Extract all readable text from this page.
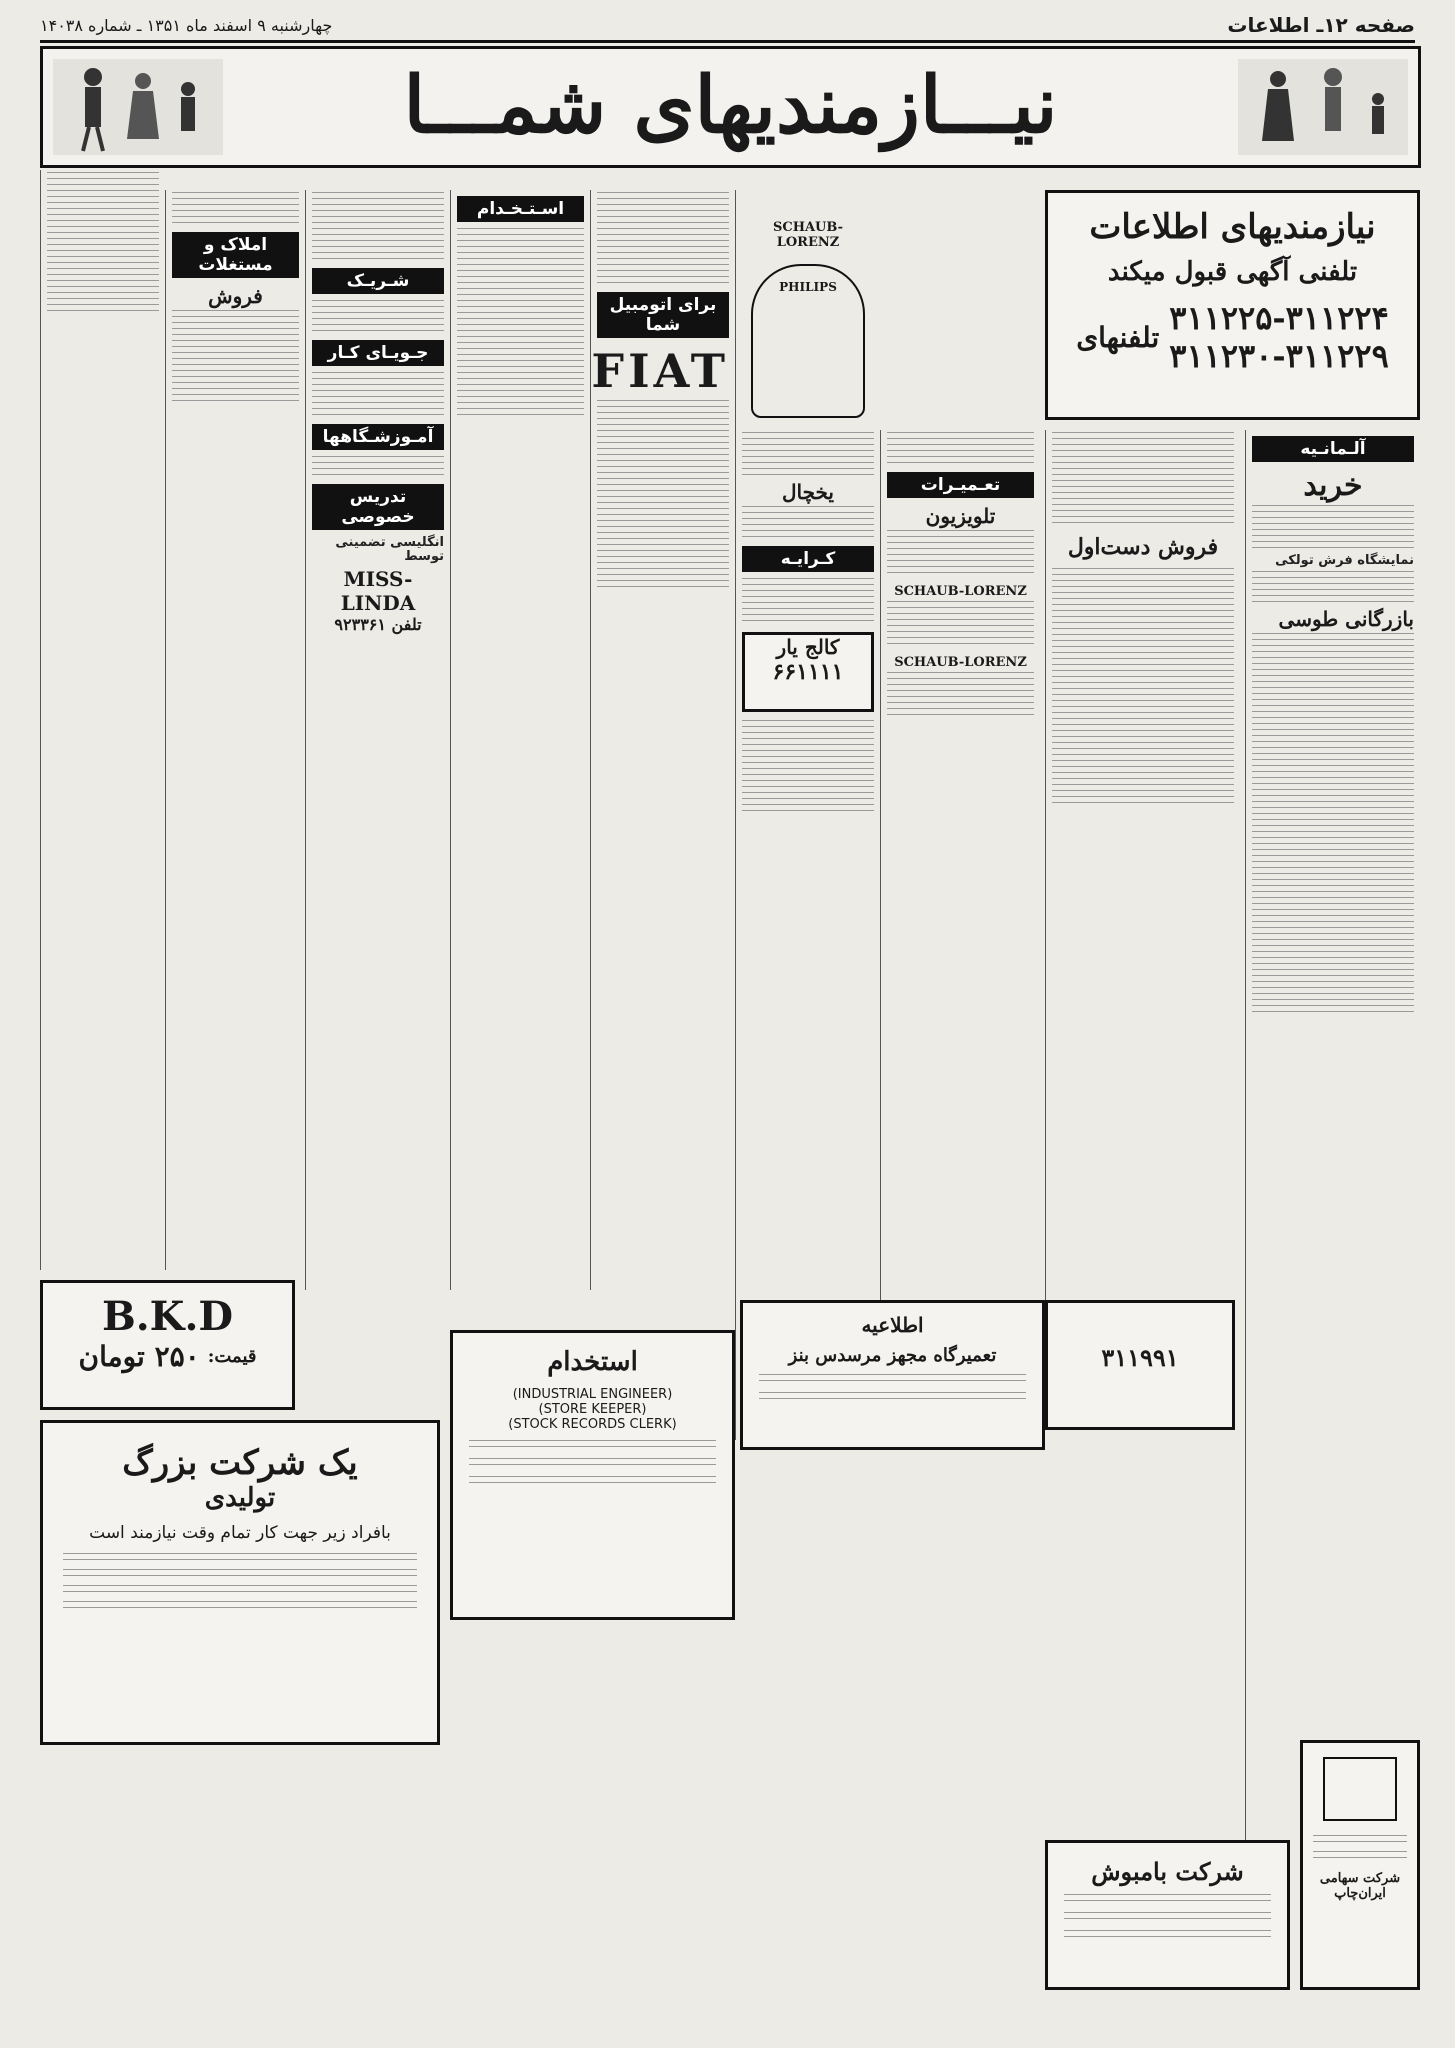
چهارشنبه ۹ اسفند ماه ۱۳۵۱ ـ شماره ۱۴۰۳۸	صفحه ۱۲ـ اطلاعات
نیـــازمندیهای شمـــا
نیازمندیهای اطلاعات
تلفنی آگهی قبول میکند
۳۱۱۲۲۵-۳۱۱۲۲۴
۳۱۱۲۳۰-۳۱۱۲۲۹
تلفنهای
آلـمانـیه
خرید
نمایشگاه فرش تولکی
بازرگانی طوسی
فروش دست‌اول
تعـمیـرات
تلویزیون
SCHAUB-LORENZ
SCHAUB-LORENZ
SCHAUB-LORENZ
PHILIPS
یخچال
کـرایـه
کالج یار
۶۶۱۱۱۱
برای اتومبیل شما
FIAT
اسـتـخـدام
شـریـک
جـویـای کـار
آمـوزشـگاهها
تدریس خصوصی
انگلیسی تضمینی توسط
MISS-LINDA
تلفن ۹۲۳۳۶۱
املاک و مستغلات
فروش
B.K.D
قیمت:
۲۵۰ تومان
یک شرکت بزرگ
تولیدی
بافراد زیر جهت کار تمام وقت نیازمند است
استخدام
(INDUSTRIAL ENGINEER)
(STORE KEEPER)
(STOCK RECORDS CLERK)
اطلاعیه
تعمیرگاه مجهز مرسدس بنز
شرکت بامبوش	شرکت سهامی ایران‌چاپ
۳۱۱۹۹۱
